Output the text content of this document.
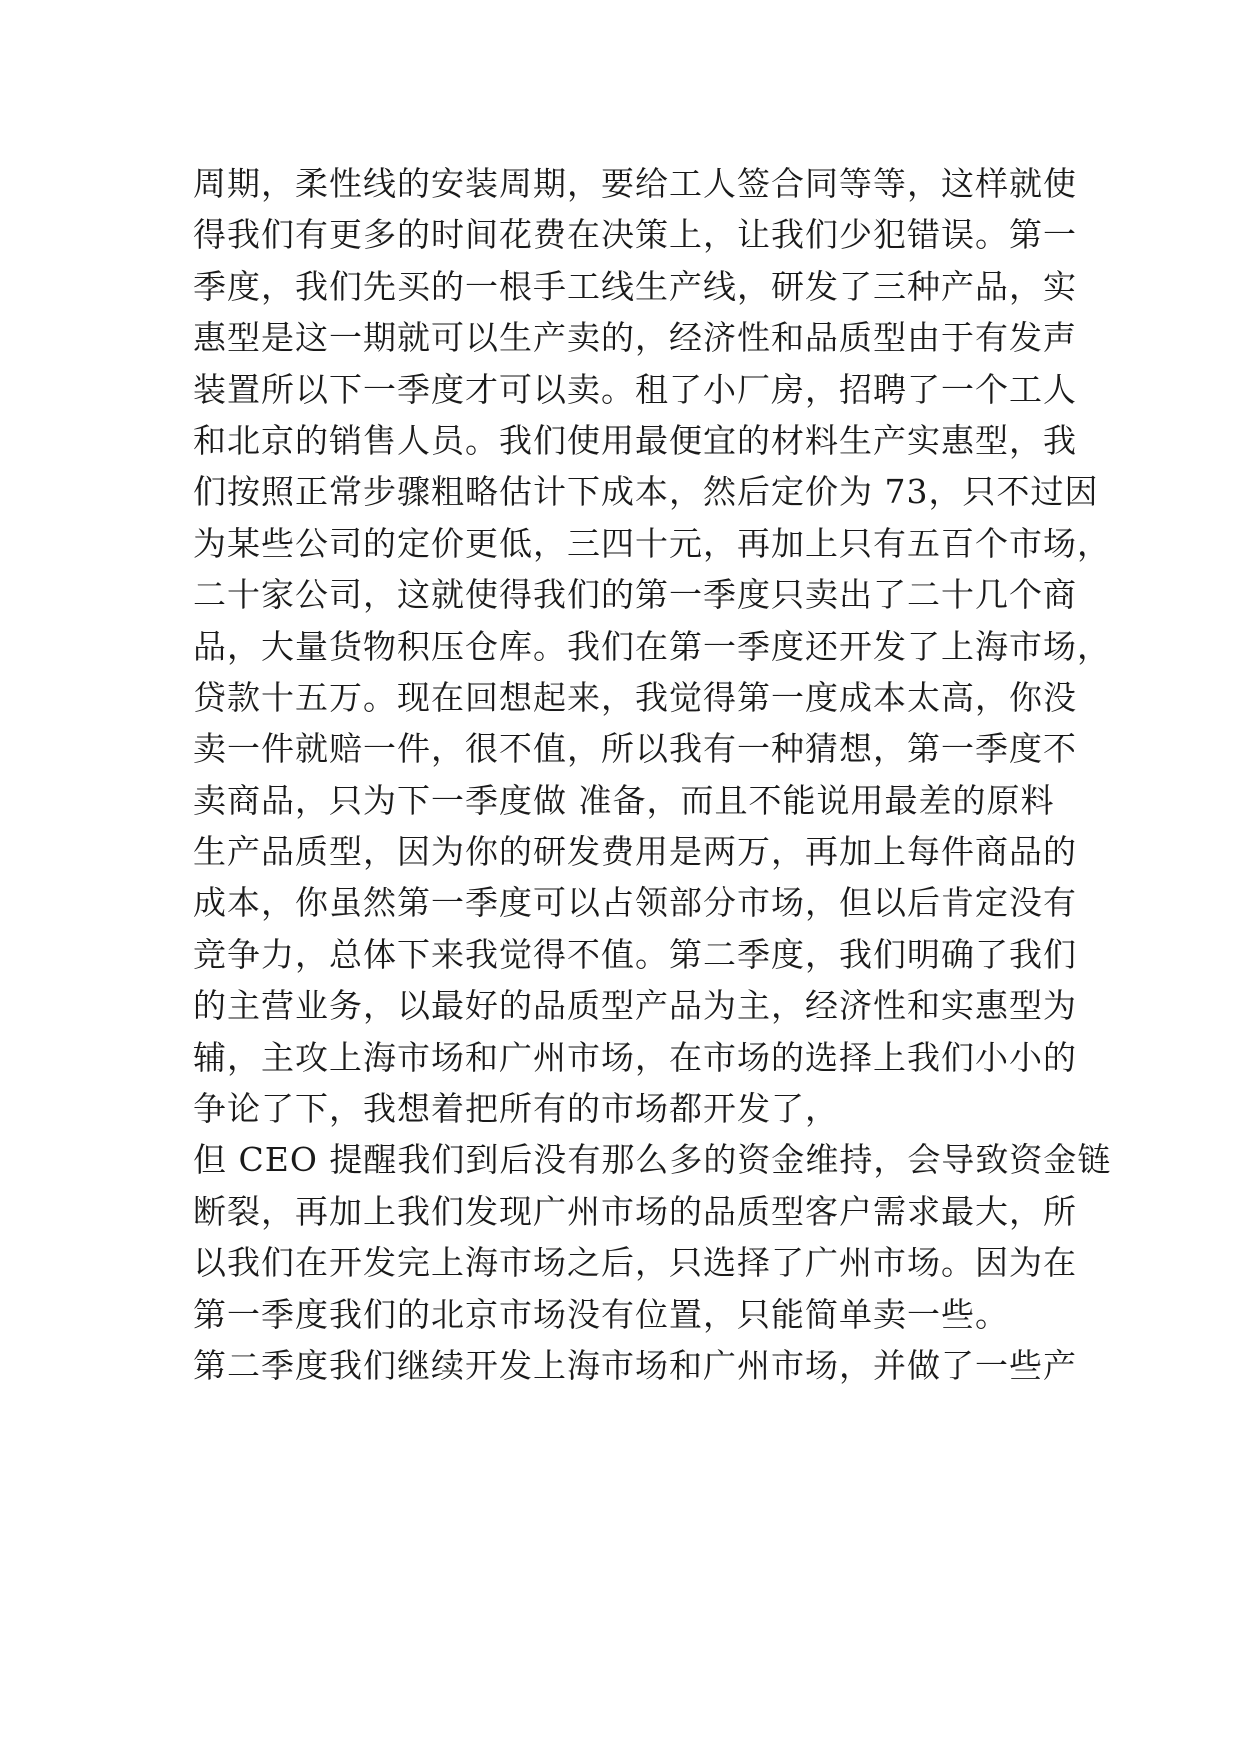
周期，柔性线的安装周期，要给工人签合同等等，这样就使
得我们有更多的时间花费在决策上，让我们少犯错误。第一
季度，我们先买的一根手工线生产线，研发了三种产品，实
惠型是这一期就可以生产卖的，经济性和品质型由于有发声
装置所以下一季度才可以卖。租了小厂房，招聘了一个工人
和北京的销售人员。我们使用最便宜的材料生产实惠型，我
们按照正常步骤粗略估计下成本，然后定价为 73，只不过因
为某些公司的定价更低，三四十元，再加上只有五百个市场，
二十家公司，这就使得我们的第一季度只卖出了二十几个商
品，大量货物积压仓库。我们在第一季度还开发了上海市场，
贷款十五万。现在回想起来，我觉得第一度成本太高，你没
卖一件就赔一件，很不值，所以我有一种猜想，第一季度不
卖商品，只为下一季度做 准备，而且不能说用最差的原料
生产品质型，因为你的研发费用是两万，再加上每件商品的
成本，你虽然第一季度可以占领部分市场，但以后肯定没有
竞争力，总体下来我觉得不值。第二季度，我们明确了我们
的主营业务，以最好的品质型产品为主，经济性和实惠型为
辅，主攻上海市场和广州市场，在市场的选择上我们小小的
争论了下，我想着把所有的市场都开发了，
但 CEO 提醒我们到后没有那么多的资金维持，会导致资金链
断裂，再加上我们发现广州市场的品质型客户需求最大，所
以我们在开发完上海市场之后，只选择了广州市场。因为在
第一季度我们的北京市场没有位置，只能简单卖一些。
第二季度我们继续开发上海市场和广州市场，并做了一些产
